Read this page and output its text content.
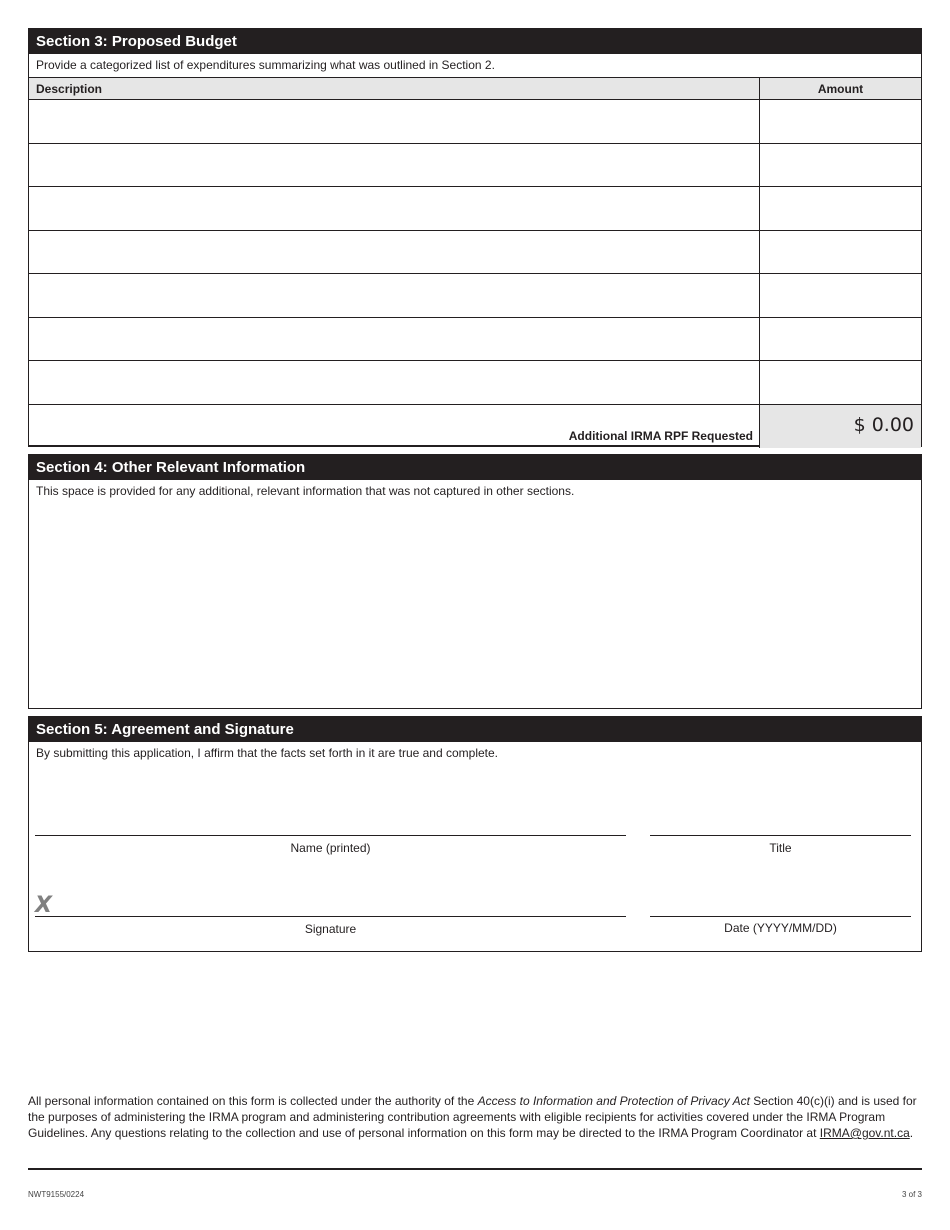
Section 3: Proposed Budget
Provide a categorized list of expenditures summarizing what was outlined in Section 2.
Description	Amount
Additional IRMA RPF Requested	$ 0.00
Section 4: Other Relevant Information
This space is provided for any additional, relevant information that was not captured in other sections.
Section 5: Agreement and Signature
By submitting this application, I affirm that the facts set forth in it are true and complete.
Name (printed)	Title
X
Signature	Date (YYYY/MM/DD)
All personal information contained on this form is collected under the authority of the Access to Information and Protection of Privacy Act Section 40(c)(i) and is used for the purposes of administering the IRMA program and administering contribution agreements with eligible recipients for activities covered under the IRMA Program Guidelines. Any questions relating to the collection and use of personal information on this form may be directed to the IRMA Program Coordinator at IRMA@gov.nt.ca.
NWT9155/0224	3 of 3
